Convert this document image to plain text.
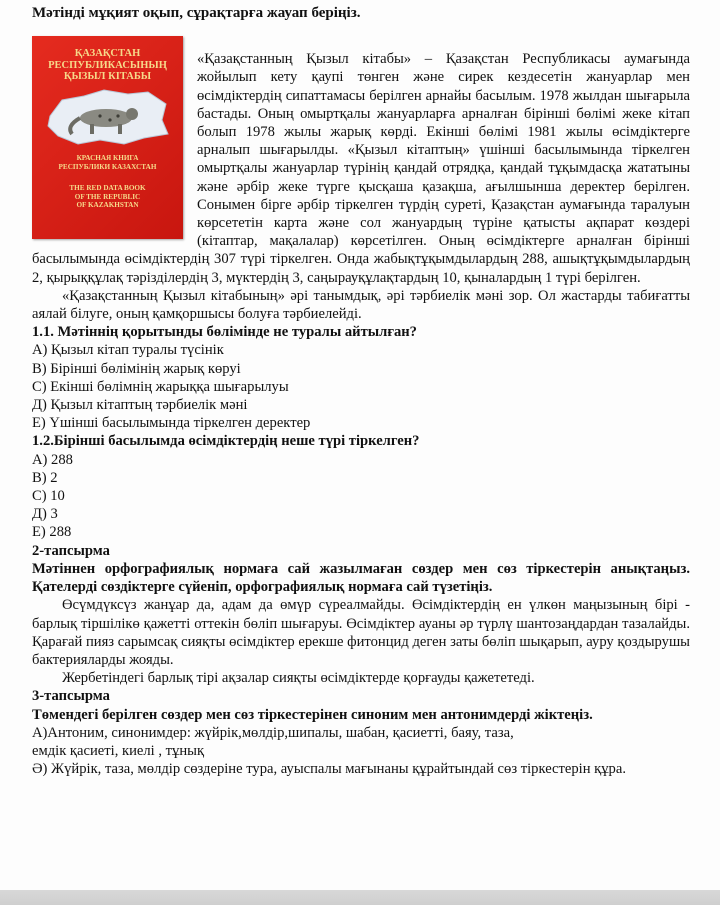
Мәтінді мұқият оқып, сұрақтарға жауап беріңіз.
ҚАЗАҚСТАН
РЕСПУБЛИКАСЫНЫҢ
ҚЫЗЫЛ КІТАБЫ
КРАСНАЯ КНИГА
РЕСПУБЛИКИ КАЗАХСТАН
THE RED DATA BOOK
OF THE REPUBLIC
OF KAZAKHSTAN

«Қазақстанның Қызыл кітабы» – Қазақстан Республикасы аумағында жойылып кету қаупі төнген және сирек кездесетін жануарлар мен өсімдіктердің сипаттамасы берілген арнайы басылым. 1978 жылдан шығарыла бастады. Оның омыртқалы жануарларға арналған бірінші бөлімі жеке кітап болып 1978 жылы жарық көрді. Екінші бөлімі 1981 жылы өсімдіктерге арналып шығарылды. «Қызыл кітаптың» үшінші басылымында тіркелген омыртқалы жануарлар түрінің қандай отрядқа, қандай тұқымдасқа жататыны және әрбір жеке түрге қысқаша қазақша, ағылшынша деректер берілген. Сонымен бірге әрбір тіркелген түрдің суреті, Қазақстан аумағында таралуын көрсететін карта және сол жануардың түріне қатысты ақпарат көздері (кітаптар, мақалалар) көрсетілген. Оның өсімдіктерге арналған бірінші басылымында өсімдіктердің 307 түрі тіркелген. Онда жабықтұқымдылардың 288, ашықтұқымдылардың 2, қырыққұлақ тәрізділердің 3, мүктердің 3, саңырауқұлақтардың 10, қыналардың 1 түрі берілген.

«Қазақстанның Қызыл кітабының» әрі танымдық, әрі тәрбиелік мәні зор. Ол жастарды табиғатты аялай білуге, оның қамқоршысы болуға тәрбиелейді.

1.1. Мәтіннің қорытынды бөлімінде не туралы айтылған?
А) Қызыл кітап туралы түсінік
В) Бірінші бөлімінің жарық көруі
С) Екінші бөлімнің жарыққа шығарылуы
Д) Қызыл кітаптың тәрбиелік мәні
Е) Үшінші басылымында тіркелген деректер
1.2.Бірінші басылымда өсімдіктердің неше түрі тіркелген?
А) 288
В) 2
С) 10
Д) 3
Е) 288
2-тапсырма

Мәтіннен орфографиялық нормаға сай жазылмаған сөздер мен сөз тіркестерін анықтаңыз. Қателерді сөздіктерге сүйеніп, орфографиялық нормаға сай түзетіңіз.

Өсүмдүксүз жанұар да, адам да өмүр сүреалмайды. Өсімдіктердің ен үлкөн маңызының бірі - барлық тіршілікө қажетті оттекін бөліп шығаруы. Өсімдіктер ауаны әр түрлү шантозаңдардан тазалайды. Қарағай пияз сарымсақ сияқты өсімдіктер ерекше фитонцид деген заты бөліп шықарып, ауру қоздырушы бактерияларды жояды.

Жербетіндегі барлық тірі ақзалар сияқты өсімдіктерде қорғауды қажететеді.

3-тапсырма

Төмендегі берілген сөздер мен сөз тіркестерінен синоним мен антонимдерді жіктеңіз.

А)Антоним, синонимдер: жүйрік,мөлдір,шипалы, шабан, қасиетті, баяу, таза,
емдік қасиеті, киелі , тұнық
Ә) Жүйрік, таза, мөлдір сөздеріне тура, ауыспалы мағынаны құрайтындай сөз тіркестерін құра.
